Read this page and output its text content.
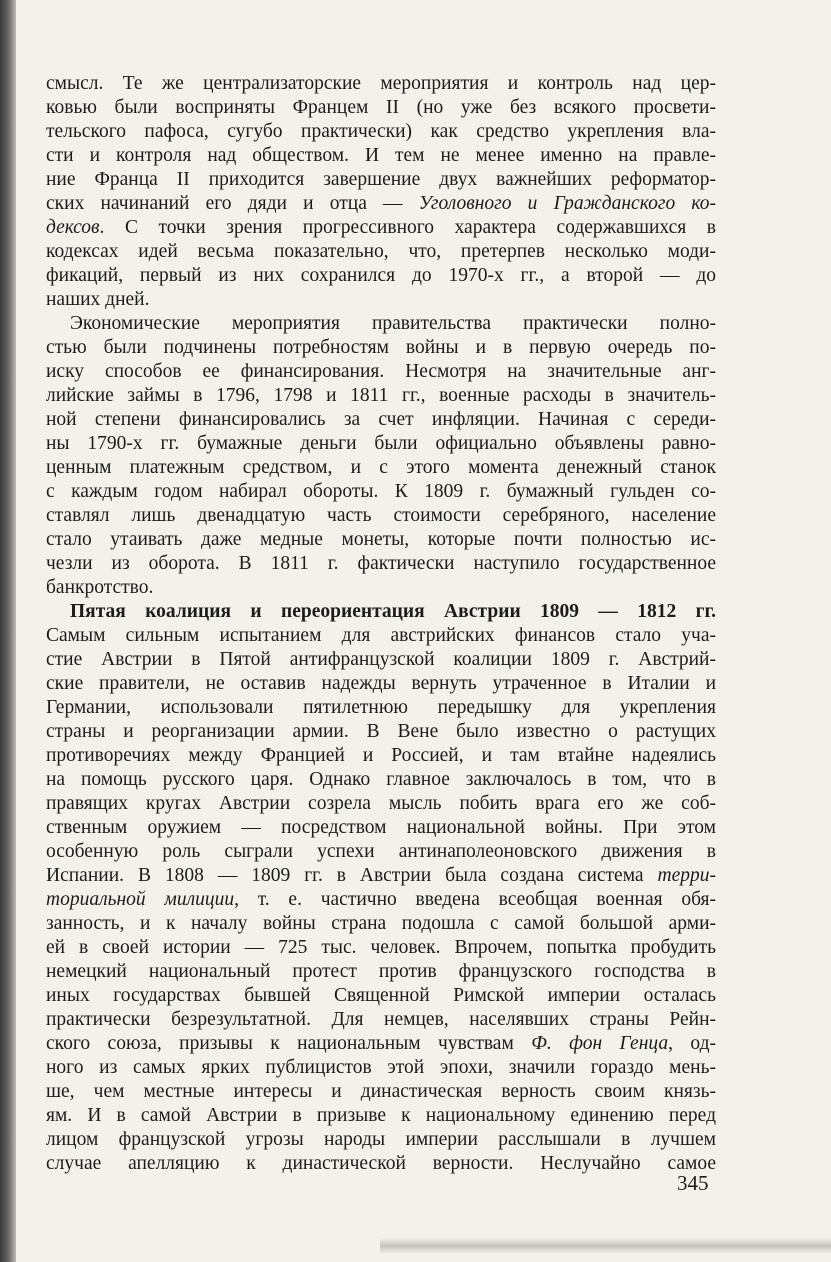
смысл. Те же централизаторские мероприятия и контроль над цер-
ковью были восприняты Францем II (но уже без всякого просвети-
тельского пафоса, сугубо практически) как средство укрепления вла-
сти и контроля над обществом. И тем не менее именно на правле-
ние Франца II приходится завершение двух важнейших реформатор-
ских начинаний его дяди и отца — Уголовного и Гражданского ко-
дексов. С точки зрения прогрессивного характера содержавшихся в
кодексах идей весьма показательно, что, претерпев несколько моди-
фикаций, первый из них сохранился до 1970-х гг., а второй — до
наших дней.

Экономические мероприятия правительства практически полно-
стью были подчинены потребностям войны и в первую очередь по-
иску способов ее финансирования. Несмотря на значительные анг-
лийские займы в 1796, 1798 и 1811 гг., военные расходы в значитель-
ной степени финансировались за счет инфляции. Начиная с середи-
ны 1790-х гг. бумажные деньги были официально объявлены равно-
ценным платежным средством, и с этого момента денежный станок
с каждым годом набирал обороты. К 1809 г. бумажный гульден со-
ставлял лишь двенадцатую часть стоимости серебряного, население
стало утаивать даже медные монеты, которые почти полностью ис-
чезли из оборота. В 1811 г. фактически наступило государственное
банкротство.

Пятая коалиция и переориентация Австрии 1809 — 1812 гг.
Самым сильным испытанием для австрийских финансов стало уча-
стие Австрии в Пятой антифранцузской коалиции 1809 г. Австрий-
ские правители, не оставив надежды вернуть утраченное в Италии и
Германии, использовали пятилетнюю передышку для укрепления
страны и реорганизации армии. В Вене было известно о растущих
противоречиях между Францией и Россией, и там втайне надеялись
на помощь русского царя. Однако главное заключалось в том, что в
правящих кругах Австрии созрела мысль побить врага его же соб-
ственным оружием — посредством национальной войны. При этом
особенную роль сыграли успехи антинаполеоновского движения в
Испании. В 1808 — 1809 гг. в Австрии была создана система терри-
ториальной милиции, т. е. частично введена всеобщая военная обя-
занность, и к началу войны страна подошла с самой большой арми-
ей в своей истории — 725 тыс. человек. Впрочем, попытка пробудить
немецкий национальный протест против французского господства в
иных государствах бывшей Священной Римской империи осталась
практически безрезультатной. Для немцев, населявших страны Рейн-
ского союза, призывы к национальным чувствам Ф. фон Генца, од-
ного из самых ярких публицистов этой эпохи, значили гораздо мень-
ше, чем местные интересы и династическая верность своим князь-
ям. И в самой Австрии в призыве к национальному единению перед
лицом французской угрозы народы империи расслышали в лучшем
случае апелляцию к династической верности. Неслучайно самое

345
